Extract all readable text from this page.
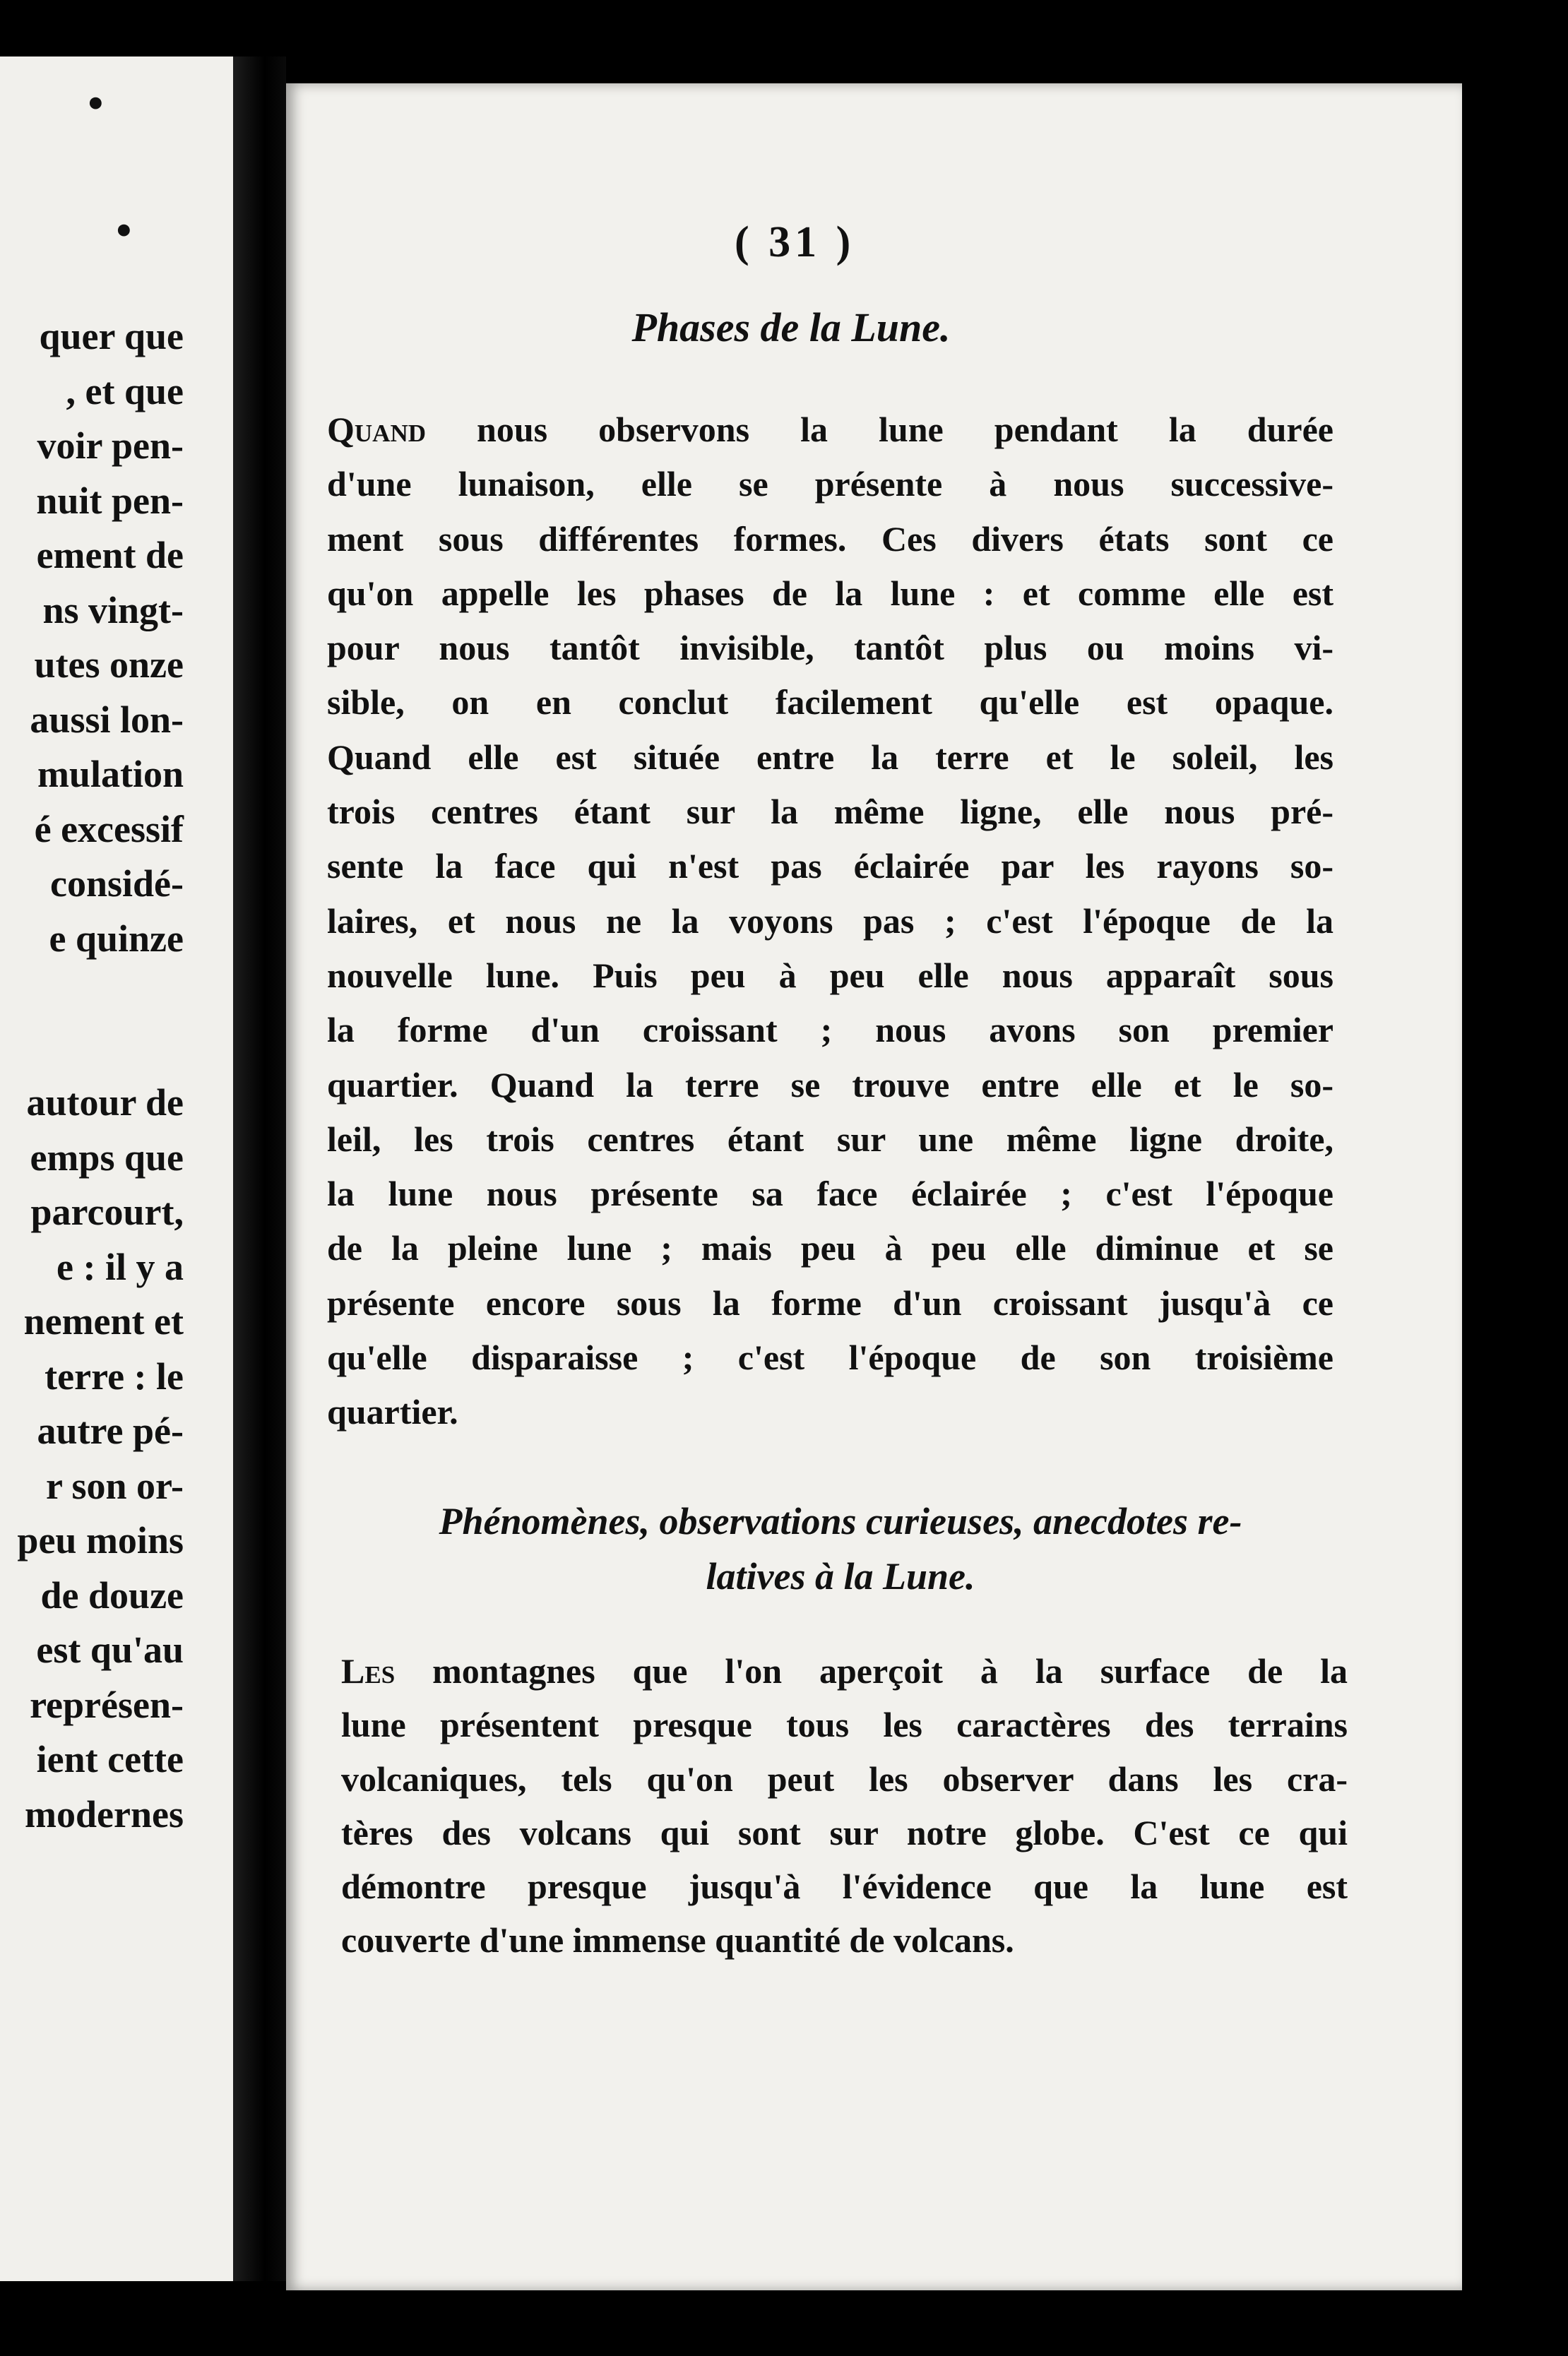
•
•
quer que
, et que
voir pen-
nuit pen-
ement de
ns vingt-
utes onze
aussi lon-
mulation
é excessif
considé-
e quinze

autour de
emps que
parcourt,
e : il y a
nement et
terre : le
autre pé-
r son or-
peu moins
de douze
est qu'au
représen-
ient cette
modernes
( 31 )
Phases de la Lune.
Quand nous observons la lune pendant la durée
d'une lunaison, elle se présente à nous successive-
ment sous différentes formes. Ces divers états sont ce
qu'on appelle les phases de la lune : et comme elle est
pour nous tantôt invisible, tantôt plus ou moins vi-
sible, on en conclut facilement qu'elle est opaque.
Quand elle est située entre la terre et le soleil, les
trois centres étant sur la même ligne, elle nous pré-
sente la face qui n'est pas éclairée par les rayons so-
laires, et nous ne la voyons pas ; c'est l'époque de la
nouvelle lune. Puis peu à peu elle nous apparaît sous
la forme d'un croissant ; nous avons son premier
quartier. Quand la terre se trouve entre elle et le so-
leil, les trois centres étant sur une même ligne droite,
la lune nous présente sa face éclairée ; c'est l'époque
de la pleine lune ; mais peu à peu elle diminue et se
présente encore sous la forme d'un croissant jusqu'à ce
qu'elle disparaisse ; c'est l'époque de son troisième
quartier.
Phénomènes, observations curieuses, anecdotes re-
latives à la Lune.
Les montagnes que l'on aperçoit à la surface de la
lune présentent presque tous les caractères des terrains
volcaniques, tels qu'on peut les observer dans les cra-
tères des volcans qui sont sur notre globe. C'est ce qui
démontre presque jusqu'à l'évidence que la lune est
couverte d'une immense quantité de volcans.
